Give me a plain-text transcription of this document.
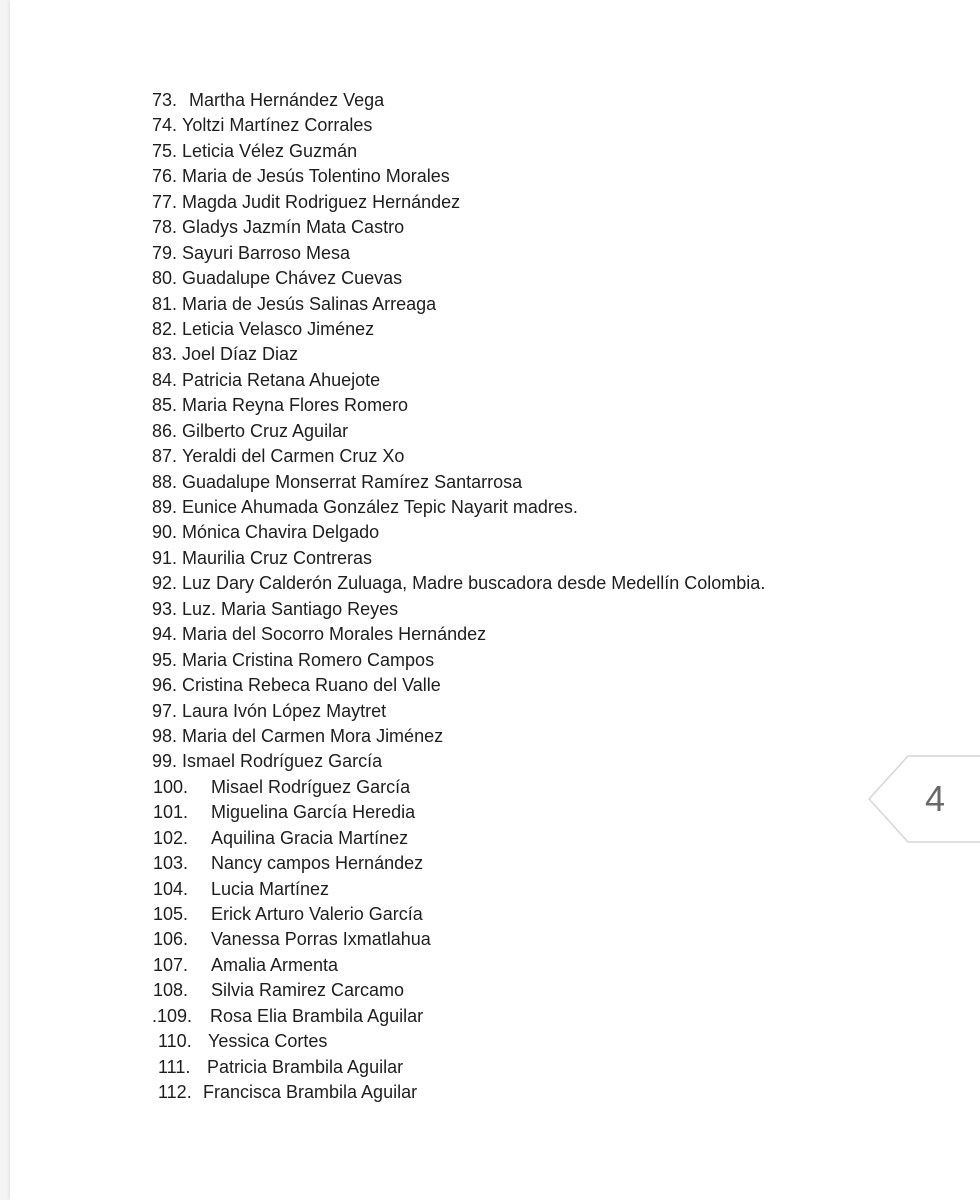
73. Martha Hernández Vega
74. Yoltzi Martínez Corrales
75. Leticia Vélez Guzmán
76. Maria de Jesús Tolentino Morales
77. Magda Judit Rodriguez Hernández
78. Gladys Jazmín Mata Castro
79. Sayuri Barroso Mesa
80. Guadalupe Chávez Cuevas
81. Maria de Jesús Salinas Arreaga
82. Leticia Velasco Jiménez
83. Joel Díaz Diaz
84. Patricia Retana Ahuejote
85. Maria Reyna Flores Romero
86. Gilberto Cruz Aguilar
87. Yeraldi del Carmen Cruz Xo
88. Guadalupe Monserrat Ramírez Santarrosa
89. Eunice Ahumada González Tepic Nayarit madres.
90. Mónica Chavira Delgado
91. Maurilia Cruz Contreras
92. Luz Dary Calderón Zuluaga, Madre buscadora desde Medellín Colombia.
93. Luz. Maria Santiago Reyes
94. Maria del Socorro Morales Hernández
95. Maria Cristina Romero Campos
96. Cristina Rebeca Ruano del Valle
97. Laura Ivón López Maytret
98. Maria del Carmen Mora Jiménez
99. Ismael Rodríguez García
100. Misael Rodríguez García
101. Miguelina García Heredia
102. Aquilina Gracia Martínez
103. Nancy campos Hernández
104. Lucia Martínez
105. Erick Arturo Valerio García
106. Vanessa Porras Ixmatlahua
107. Amalia Armenta
108. Silvia Ramirez Carcamo
.109. Rosa Elia Brambila Aguilar
110. Yessica Cortes
111. Patricia Brambila Aguilar
112. Francisca Brambila Aguilar
4
